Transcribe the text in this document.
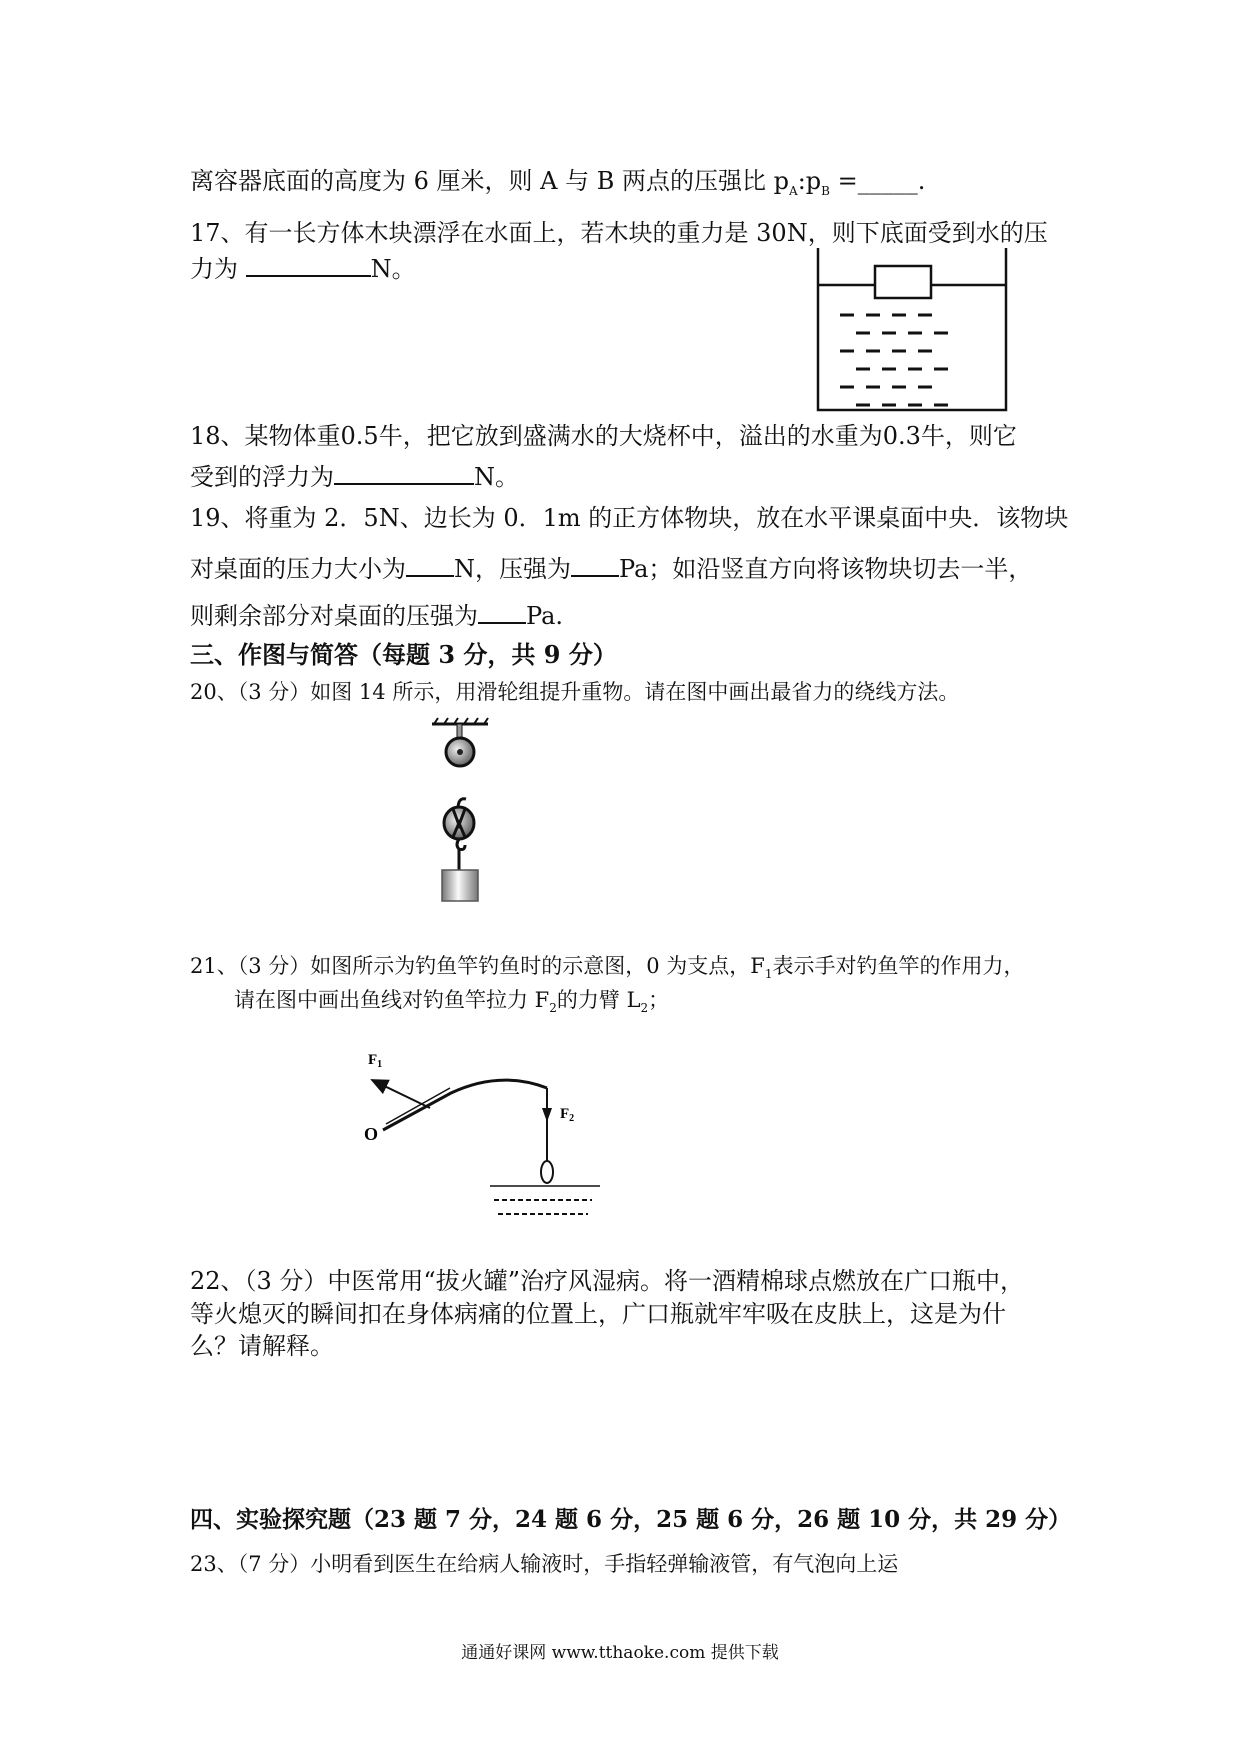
离容器底面的高度为 6 厘米，则 A 与 B 两点的压强比 $p_A:p_B$ =_____.
17、有一长方体木块漂浮在水面上，若木块的重力是 30N，则下底面受到水的压
力为	N。
18、某物体重0.5牛，把它放到盛满水的大烧杯中，溢出的水重为0.3牛，则它
受到的浮力为	N。
19、将重为 2．5N、边长为 0．1m 的正方体物块，放在水平课桌面中央．该物块
对桌面的压力大小为 N，压强为 Pa；如沿竖直方向将该物块切去一半，
则剩余部分对桌面的压强为 Pa.
三、作图与简答（每题 3 分，共 9 分）
20、（3 分）如图 14 所示，用滑轮组提升重物。请在图中画出最省力的绕线方法。
21、（3 分）如图所示为钓鱼竿钓鱼时的示意图，0 为支点，$F_1$表示手对钓鱼竿的作用力，
请在图中画出鱼线对钓鱼竿拉力 $F_2$的力臂 $L_2$；
O
$F_1$
$F_2$
22、（3 分）中医常用“拔火罐”治疗风湿病。将一酒精棉球点燃放在广口瓶中，
等火熄灭的瞬间扣在身体病痛的位置上，广口瓶就牢牢吸在皮肤上，这是为什
么？请解释。
四、实验探究题（23 题 7 分，24 题 6 分，25 题 6 分，26 题 10 分，共 29 分）
23、（7 分）小明看到医生在给病人输液时，手指轻弹输液管，有气泡向上运
通通好课网 www.tthaoke.com 提供下载
